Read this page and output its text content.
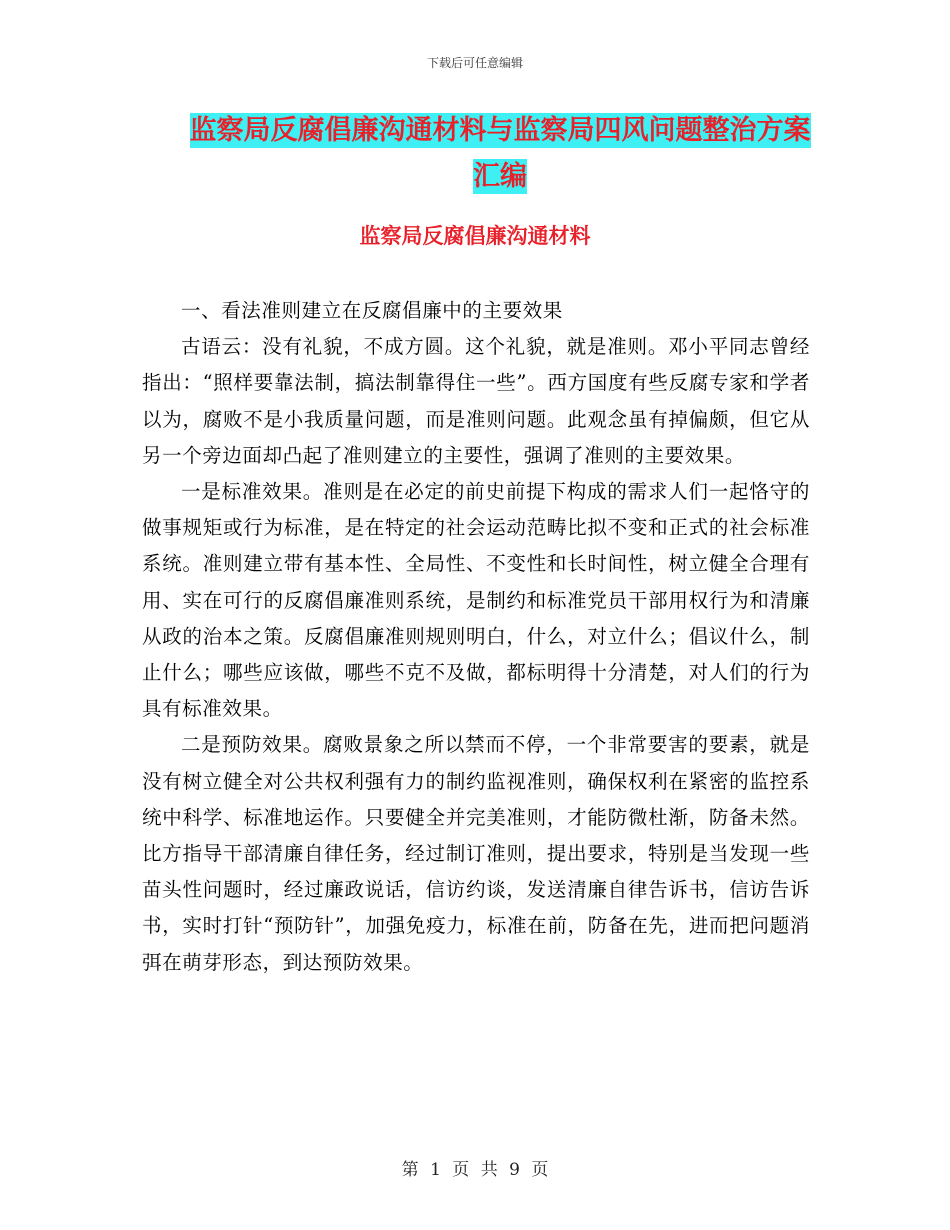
下载后可任意编辑
监察局反腐倡廉沟通材料与监察局四风问题整治方案
汇编
监察局反腐倡廉沟通材料

一、看法准则建立在反腐倡廉中的主要效果

古语云：没有礼貌，不成方圆。这个礼貌，就是准则。邓小平同志曾经指出：“照样要靠法制，搞法制靠得住一些”。西方国度有些反腐专家和学者以为，腐败不是小我质量问题，而是准则问题。此观念虽有掉偏颇，但它从另一个旁边面却凸起了准则建立的主要性，强调了准则的主要效果。

一是标准效果。准则是在必定的前史前提下构成的需求人们一起恪守的做事规矩或行为标准，是在特定的社会运动范畴比拟不变和正式的社会标准系统。准则建立带有基本性、全局性、不变性和长时间性，树立健全合理有用、实在可行的反腐倡廉准则系统，是制约和标准党员干部用权行为和清廉从政的治本之策。反腐倡廉准则规则明白，什么，对立什么；倡议什么，制止什么；哪些应该做，哪些不克不及做，都标明得十分清楚，对人们的行为具有标准效果。

二是预防效果。腐败景象之所以禁而不停，一个非常要害的要素，就是没有树立健全对公共权利强有力的制约监视准则，确保权利在紧密的监控系统中科学、标准地运作。只要健全并完美准则，才能防微杜渐，防备未然。比方指导干部清廉自律任务，经过制订准则，提出要求，特别是当发现一些苗头性问题时，经过廉政说话，信访约谈，发送清廉自律告诉书，信访告诉书，实时打针“预防针”，加强免疫力，标准在前，防备在先，进而把问题消弭在萌芽形态，到达预防效果。

第 1 页 共 9 页
